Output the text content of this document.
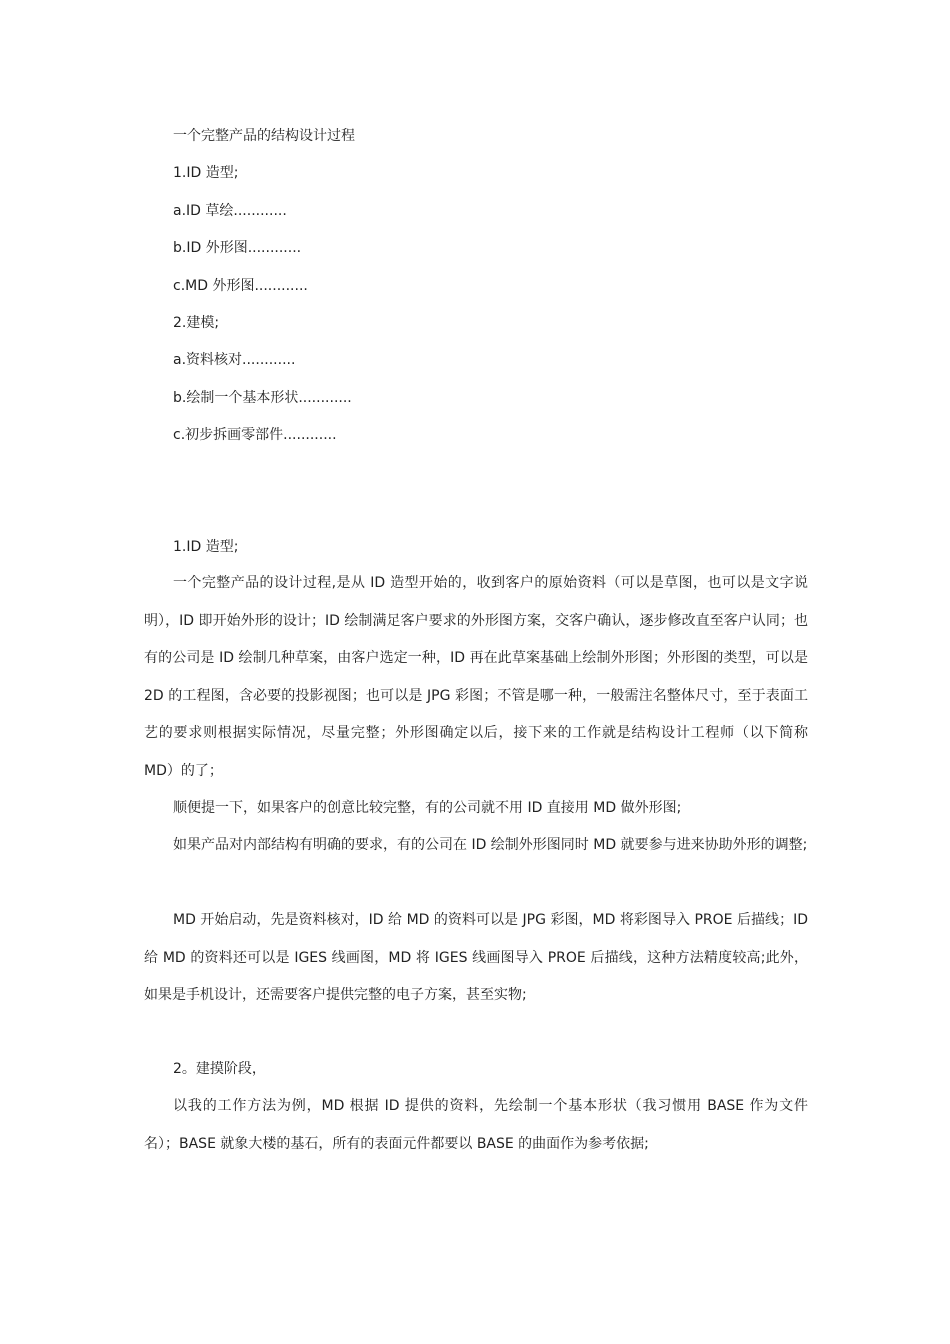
一个完整产品的结构设计过程
1.ID 造型;
a.ID 草绘............
b.ID 外形图............
c.MD 外形图............
2.建模;
a.资料核对............
b.绘制一个基本形状............
c.初步拆画零部件............
1.ID 造型;

一个完整产品的设计过程,是从 ID 造型开始的，收到客户的原始资料（可以是草图，也可以是文字说明），ID 即开始外形的设计；ID 绘制满足客户要求的外形图方案，交客户确认，逐步修改直至客户认同；也有的公司是 ID 绘制几种草案，由客户选定一种，ID 再在此草案基础上绘制外形图；外形图的类型，可以是 2D 的工程图，含必要的投影视图；也可以是 JPG 彩图；不管是哪一种，一般需注名整体尺寸，至于表面工艺的要求则根据实际情况，尽量完整；外形图确定以后，接下来的工作就是结构设计工程师（以下简称 MD）的了；

顺便提一下，如果客户的创意比较完整，有的公司就不用 ID 直接用 MD 做外形图;

如果产品对内部结构有明确的要求，有的公司在 ID 绘制外形图同时 MD 就要参与进来协助外形的调整;

MD 开始启动，先是资料核对，ID 给 MD 的资料可以是 JPG 彩图，MD 将彩图导入 PROE 后描线；ID 给 MD 的资料还可以是 IGES 线画图，MD 将 IGES 线画图导入 PROE 后描线，这种方法精度较高;此外，如果是手机设计，还需要客户提供完整的电子方案，甚至实物;

2。建摸阶段，

以我的工作方法为例，MD 根据 ID 提供的资料，先绘制一个基本形状（我习惯用 BASE 作为文件名）；BASE 就象大楼的基石，所有的表面元件都要以 BASE 的曲面作为参考依据;
